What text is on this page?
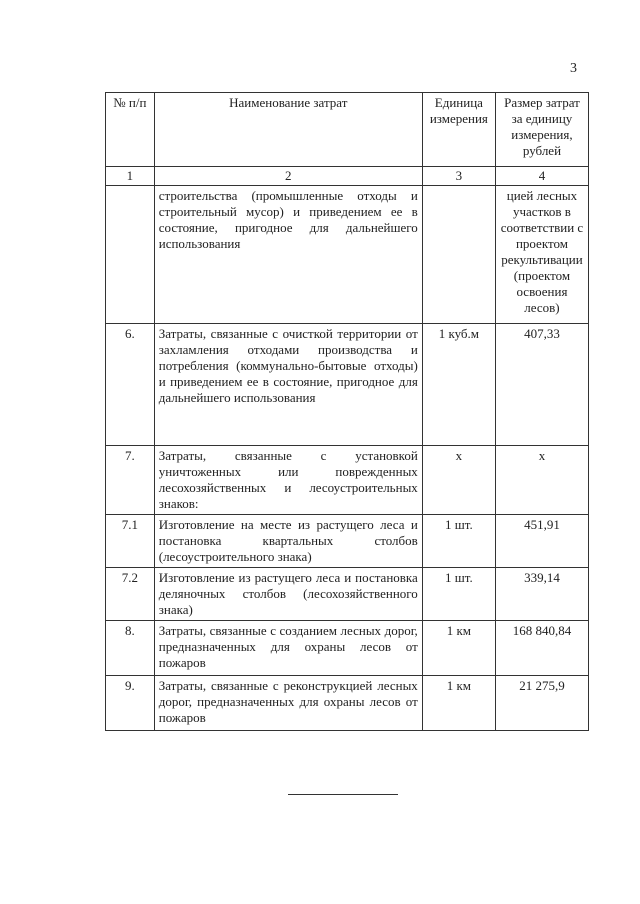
3
№ п/п	Наименование затрат	Единица измерения	Размер затрат за единицу измерения, рублей
1	2	3	4
	строительства (промышленные отходы и строительный мусор) и приведением ее в состояние, пригодное для дальнейшего использования		цией лесных участков в соответствии с проектом рекультивации (проектом освоения лесов)
6.	Затраты, связанные с очисткой территории от захламления отходами производства и потребления (коммунально-бытовые отходы) и приведением ее в состояние, пригодное для дальнейшего использования	1 куб.м	407,33
7.	Затраты, связанные с установкой уничтоженных или поврежденных лесохозяйственных и лесоустроительных знаков:	х	х
7.1	Изготовление на месте из растущего леса и постановка квартальных столбов (лесоустроительного знака)	1 шт.	451,91
7.2	Изготовление из растущего леса и постановка деляночных столбов (лесохозяйственного знака)	1 шт.	339,14
8.	Затраты, связанные с созданием лесных дорог, предназначенных для охраны лесов от пожаров	1 км	168 840,84
9.	Затраты, связанные с реконструкцией лесных дорог, предназначенных для охраны лесов от пожаров	1 км	21 275,9
